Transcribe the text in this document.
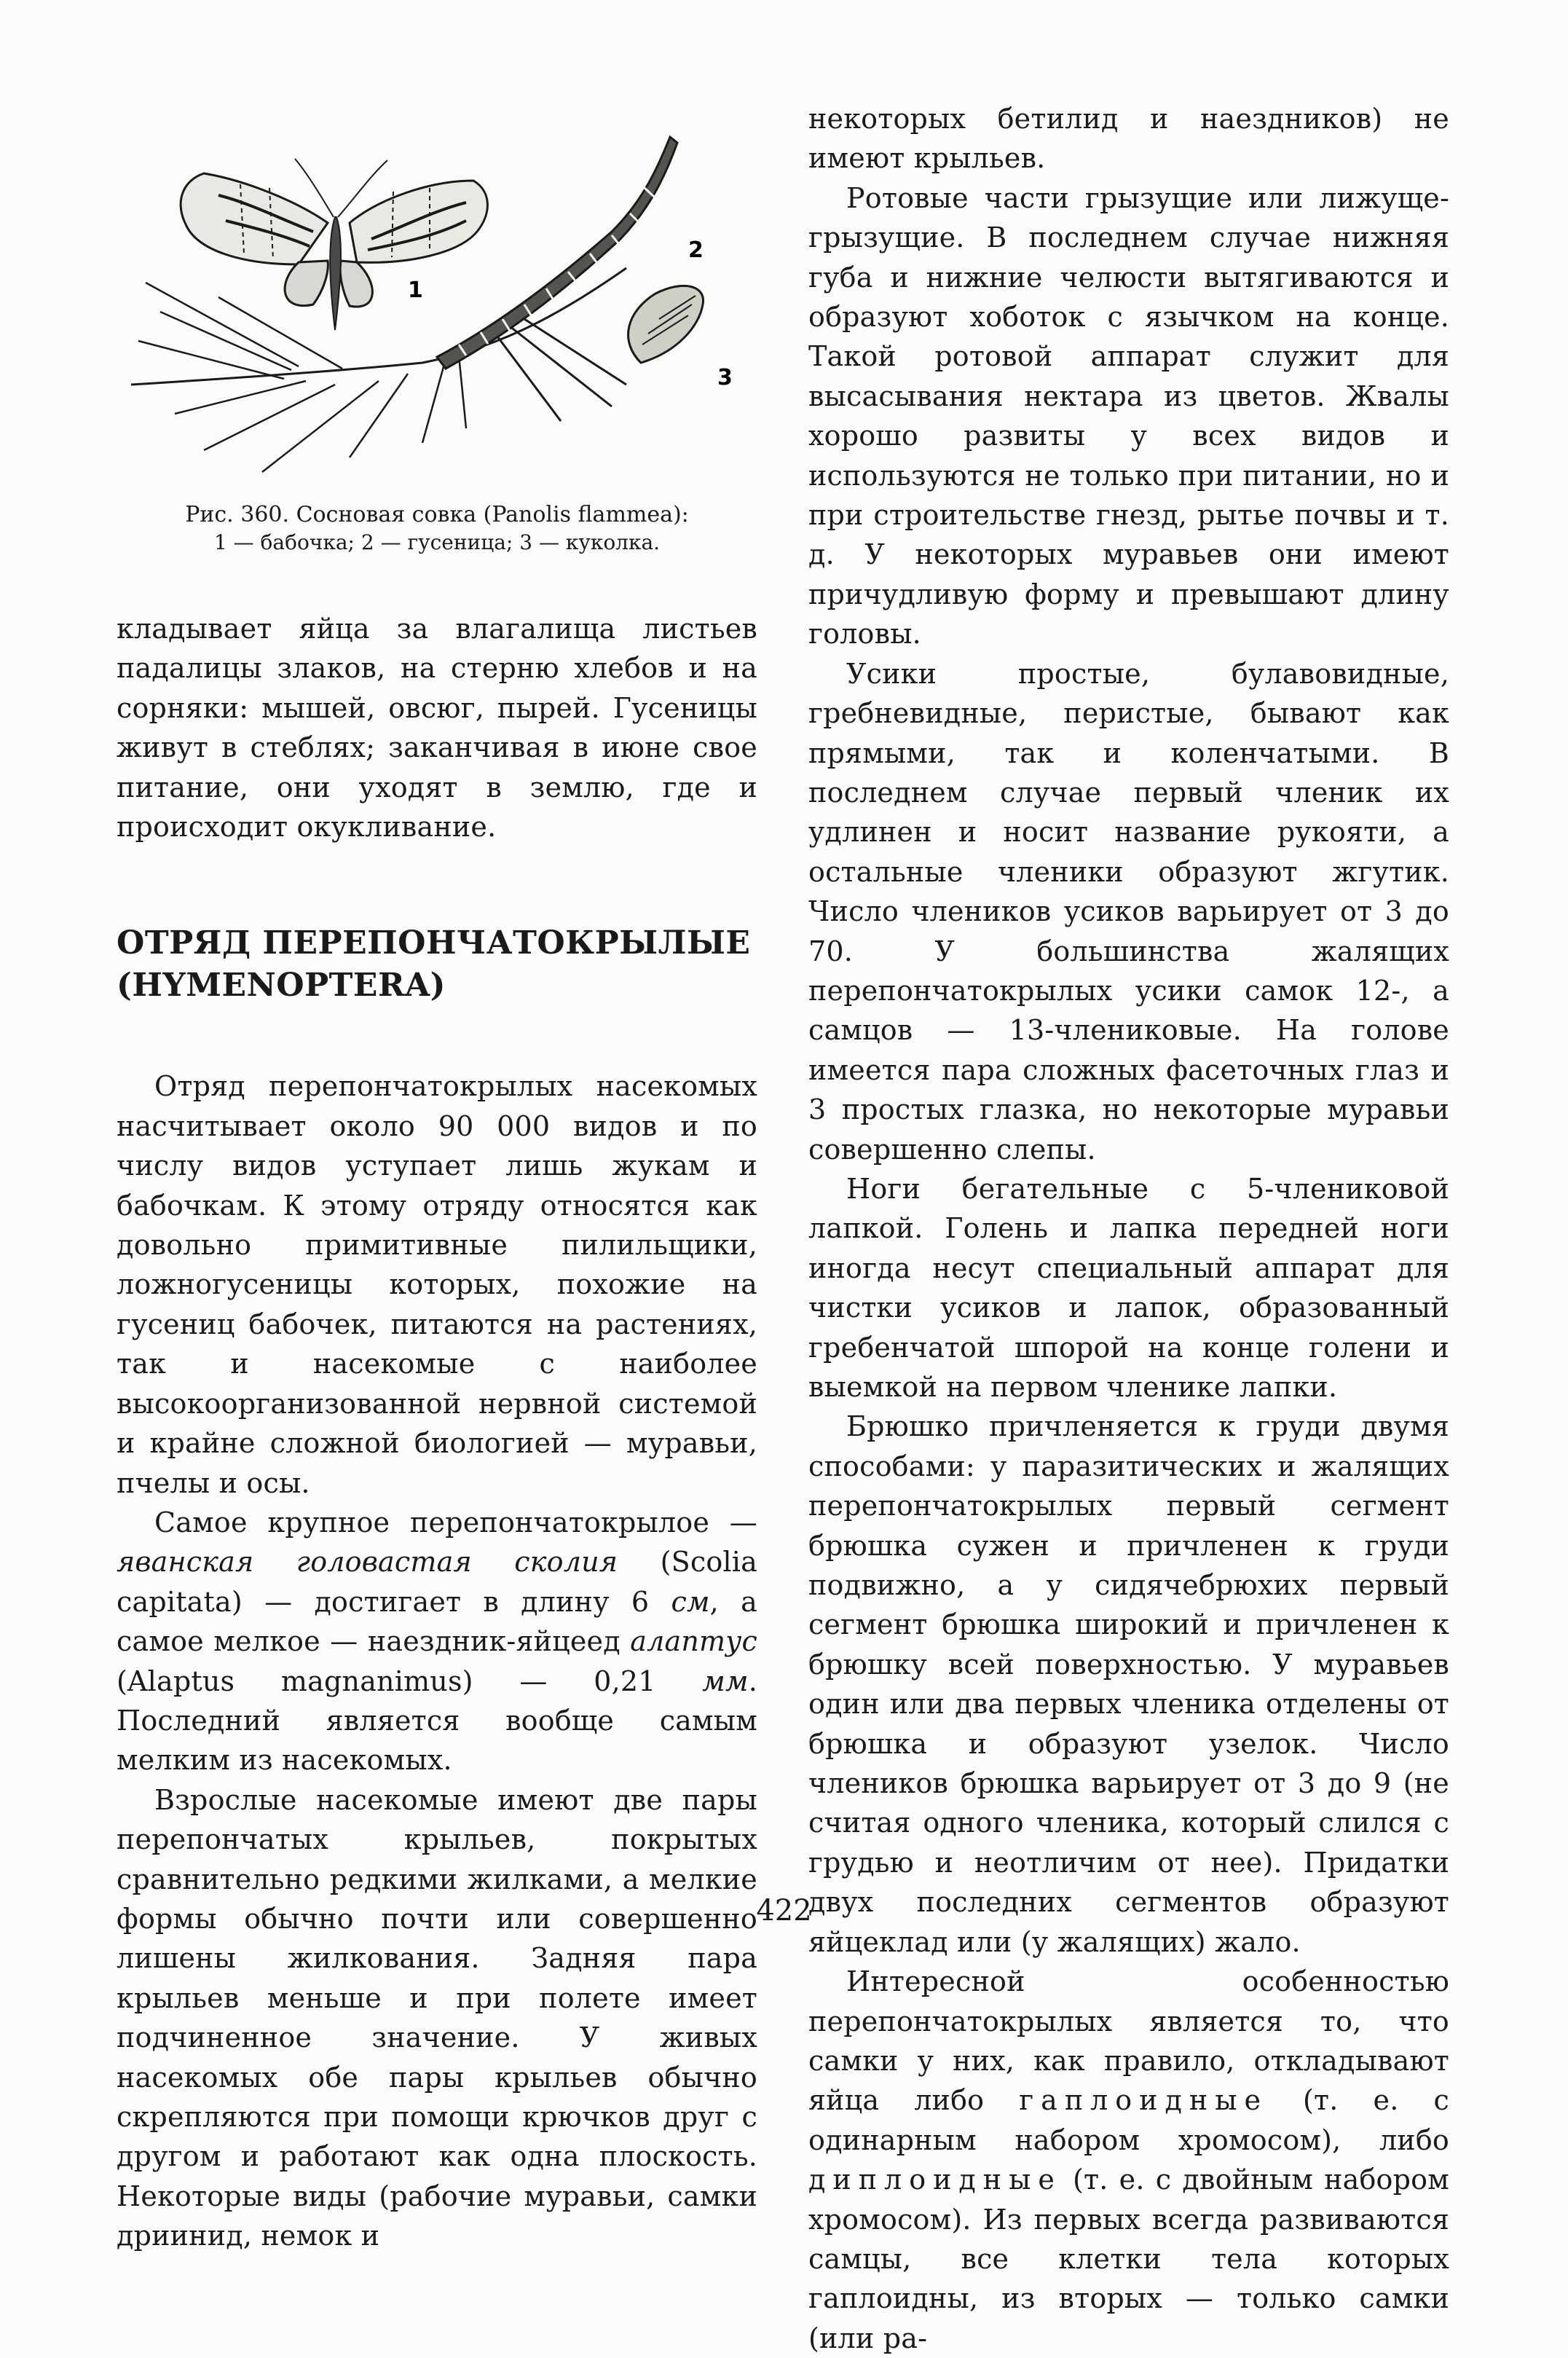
1
2
3

Рис. 360. Сосновая совка (Panolis flammea):
1 — бабочка; 2 — гусеница; 3 — куколка.

кладывает яйца за влагалища листьев падалицы злаков, на стерню хлебов и на сорняки: мышей, овсюг, пырей. Гусеницы живут в стеблях; заканчивая в июне свое питание, они уходят в землю, где и происходит окукливание.

ОТРЯД ПЕРЕПОНЧАТОКРЫЛЫЕ
(HYMENOPTERA)

Отряд перепончатокрылых насекомых насчитывает около 90 000 видов и по числу видов уступает лишь жукам и бабочкам. К этому отряду относятся как довольно примитивные пилильщики, ложногусеницы которых, похожие на гусениц бабочек, питаются на растениях, так и насекомые с наиболее высокоорганизованной нервной системой и крайне сложной биологией — муравьи, пчелы и осы.

Самое крупное перепончатокрылое — яванская головастая сколия (Scolia capitata) — достигает в длину 6 см, а самое мелкое — наездник-яйцеед алаптус (Alaptus magnanimus) — 0,21 мм. Последний является вообще самым мелким из насекомых.

Взрослые насекомые имеют две пары перепончатых крыльев, покрытых сравнительно редкими жилками, а мелкие формы обычно почти или совершенно лишены жилкования. Задняя пара крыльев меньше и при полете имеет подчиненное значение. У живых насекомых обе пары крыльев обычно скрепляются при помощи крючков друг с другом и работают как одна плоскость. Некоторые виды (рабочие муравьи, самки дриинид, немок и

некоторых бетилид и наездников) не имеют крыльев.

Ротовые части грызущие или лижуще-грызущие. В последнем случае нижняя губа и нижние челюсти вытягиваются и образуют хоботок с язычком на конце. Такой ротовой аппарат служит для высасывания нектара из цветов. Жвалы хорошо развиты у всех видов и используются не только при питании, но и при строительстве гнезд, рытье почвы и т. д. У некоторых муравьев они имеют причудливую форму и превышают длину головы.

Усики простые, булавовидные, гребневидные, перистые, бывают как прямыми, так и коленчатыми. В последнем случае первый членик их удлинен и носит название рукояти, а остальные членики образуют жгутик. Число члеников усиков варьирует от 3 до 70. У большинства жалящих перепончатокрылых усики самок 12-, а самцов — 13-члениковые. На голове имеется пара сложных фасеточных глаз и 3 простых глазка, но некоторые муравьи совершенно слепы.

Ноги бегательные с 5-члениковой лапкой. Голень и лапка передней ноги иногда несут специальный аппарат для чистки усиков и лапок, образованный гребенчатой шпорой на конце голени и выемкой на первом членике лапки.

Брюшко причленяется к груди двумя способами: у паразитических и жалящих перепончатокрылых первый сегмент брюшка сужен и причленен к груди подвижно, а у сидячебрюхих первый сегмент брюшка широкий и причленен к брюшку всей поверхностью. У муравьев один или два первых членика отделены от брюшка и образуют узелок. Число члеников брюшка варьирует от 3 до 9 (не считая одного членика, который слился с грудью и неотличим от нее). Придатки двух последних сегментов образуют яйцеклад или (у жалящих) жало.

Интересной особенностью перепончатокрылых является то, что самки у них, как правило, откладывают яйца либо гаплоидные (т. е. с одинарным набором хромосом), либо диплоидные (т. е. с двойным набором хромосом). Из первых всегда развиваются самцы, все клетки тела которых гаплоидны, из вторых — только самки (или ра-

422
